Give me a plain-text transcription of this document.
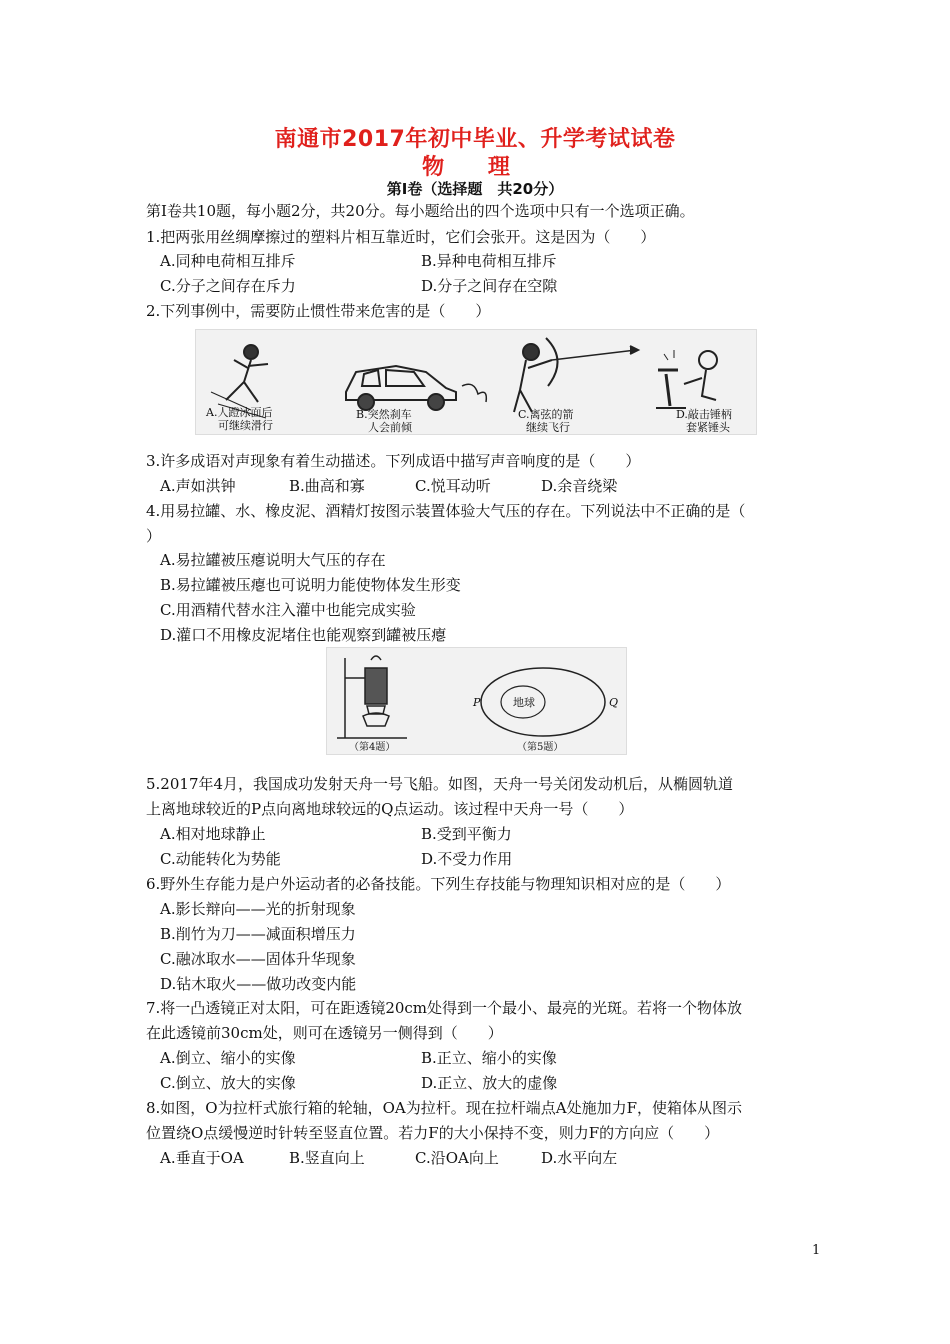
南通市2017年初中毕业、升学考试试卷
物 理
第Ⅰ卷（选择题　共20分）
第Ⅰ卷共10题，每小题2分，共20分。每小题给出的四个选项中只有一个选项正确。
1.把两张用丝绸摩擦过的塑料片相互靠近时，它们会张开。这是因为（　　）
A.同种电荷相互排斥	B.异种电荷相互排斥
C.分子之间存在斥力	D.分子之间存在空隙
2.下列事例中，需要防止惯性带来危害的是（　　）
A.人蹬冰面后
可继续滑行
B.突然刹车
人会前倾
C.离弦的箭
继续飞行
D.敲击锤柄
套紧锤头
3.许多成语对声现象有着生动描述。下列成语中描写声音响度的是（　　）
A.声如洪钟	B.曲高和寡	C.悦耳动听	D.余音绕梁
4.用易拉罐、水、橡皮泥、酒精灯按图示装置体验大气压的存在。下列说法中不正确的是（
）
A.易拉罐被压瘪说明大气压的存在
B.易拉罐被压瘪也可说明力能使物体发生形变
C.用酒精代替水注入灌中也能完成实验
D.灌口不用橡皮泥堵住也能观察到罐被压瘪
（第4题）
地球
P	Q
（第5题）
5.2017年4月，我国成功发射天舟一号飞船。如图，天舟一号关闭发动机后，从椭圆轨道
上离地球较近的P点向离地球较远的Q点运动。该过程中天舟一号（　　）
A.相对地球静止	B.受到平衡力
C.动能转化为势能	D.不受力作用
6.野外生存能力是户外运动者的必备技能。下列生存技能与物理知识相对应的是（　　）
A.影长辩向——光的折射现象
B.削竹为刀——减面积增压力
C.融冰取水——固体升华现象
D.钻木取火——做功改变内能
7.将一凸透镜正对太阳，可在距透镜20cm处得到一个最小、最亮的光斑。若将一个物体放
在此透镜前30cm处，则可在透镜另一侧得到（　　）
A.倒立、缩小的实像	B.正立、缩小的实像
C.倒立、放大的实像	D.正立、放大的虚像
8.如图，O为拉杆式旅行箱的轮轴，OA为拉杆。现在拉杆端点A处施加力F，使箱体从图示
位置绕O点缓慢逆时针转至竖直位置。若力F的大小保持不变，则力F的方向应（　　）
A.垂直于OA	B.竖直向上	C.沿OA向上	D.水平向左
1
